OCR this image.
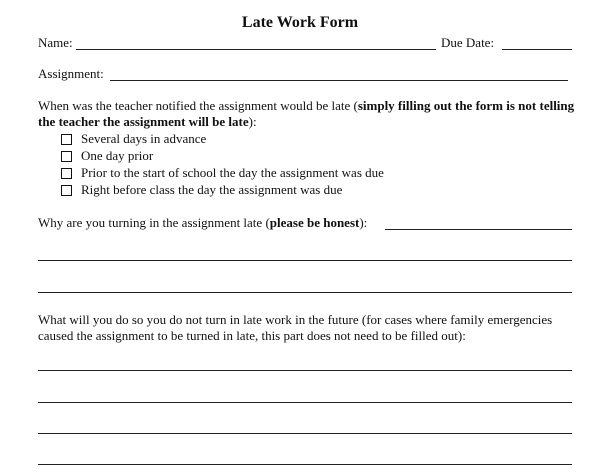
Late Work Form
Name:	Due Date:
Assignment:
When was the teacher notified the assignment would be late (simply filling out the form is not telling the teacher the assignment will be late):
Several days in advance
One day prior
Prior to the start of school the day the assignment was due
Right before class the day the assignment was due
Why are you turning in the assignment late (please be honest):
What will you do so you do not turn in late work in the future (for cases where family emergencies caused the assignment to be turned in late, this part does not need to be filled out):
